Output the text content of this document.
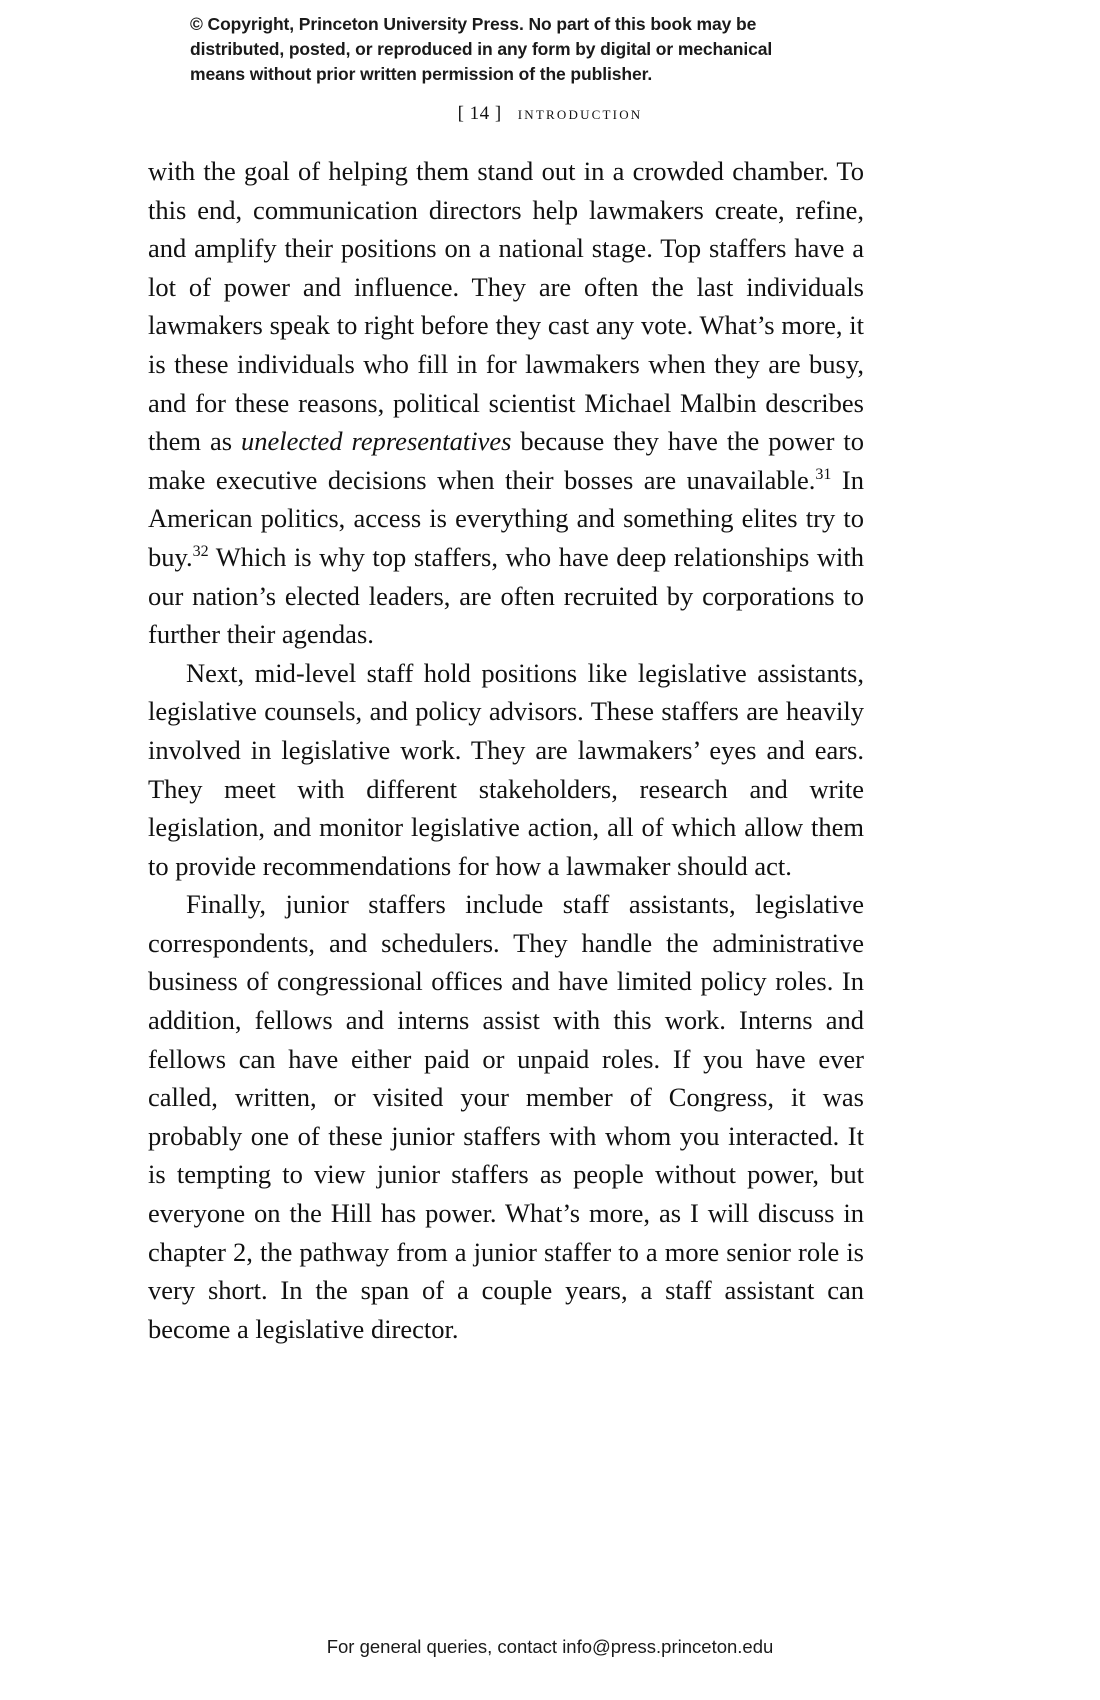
© Copyright, Princeton University Press. No part of this book may be
distributed, posted, or reproduced in any form by digital or mechanical
means without prior written permission of the publisher.
[ 14 ] introduction

with the goal of helping them stand out in a crowded chamber. To this end, communication directors help lawmakers create, refine, and amplify their positions on a national stage. Top staffers have a lot of power and influence. They are often the last individuals lawmakers speak to right before they cast any vote. What’s more, it is these individuals who fill in for lawmakers when they are busy, and for these reasons, political scientist Michael Malbin describes them as unelected representatives because they have the power to make executive decisions when their bosses are unavailable.$^{31}$ In American politics, access is everything and something elites try to buy.$^{32}$ Which is why top staffers, who have deep relationships with our nation’s elected leaders, are often recruited by corporations to further their agendas.

Next, mid-level staff hold positions like legislative assistants, legislative counsels, and policy advisors. These staffers are heavily involved in legislative work. They are lawmakers’ eyes and ears. They meet with different stakeholders, research and write legislation, and monitor legislative action, all of which allow them to provide recommendations for how a lawmaker should act.

Finally, junior staffers include staff assistants, legislative correspondents, and schedulers. They handle the administrative business of congressional offices and have limited policy roles. In addition, fellows and interns assist with this work. Interns and fellows can have either paid or unpaid roles. If you have ever called, written, or visited your member of Congress, it was probably one of these junior staffers with whom you interacted. It is tempting to view junior staffers as people without power, but everyone on the Hill has power. What’s more, as I will discuss in chapter 2, the pathway from a junior staffer to a more senior role is very short. In the span of a couple years, a staff assistant can become a legislative director.

For general queries, contact info@press.princeton.edu
